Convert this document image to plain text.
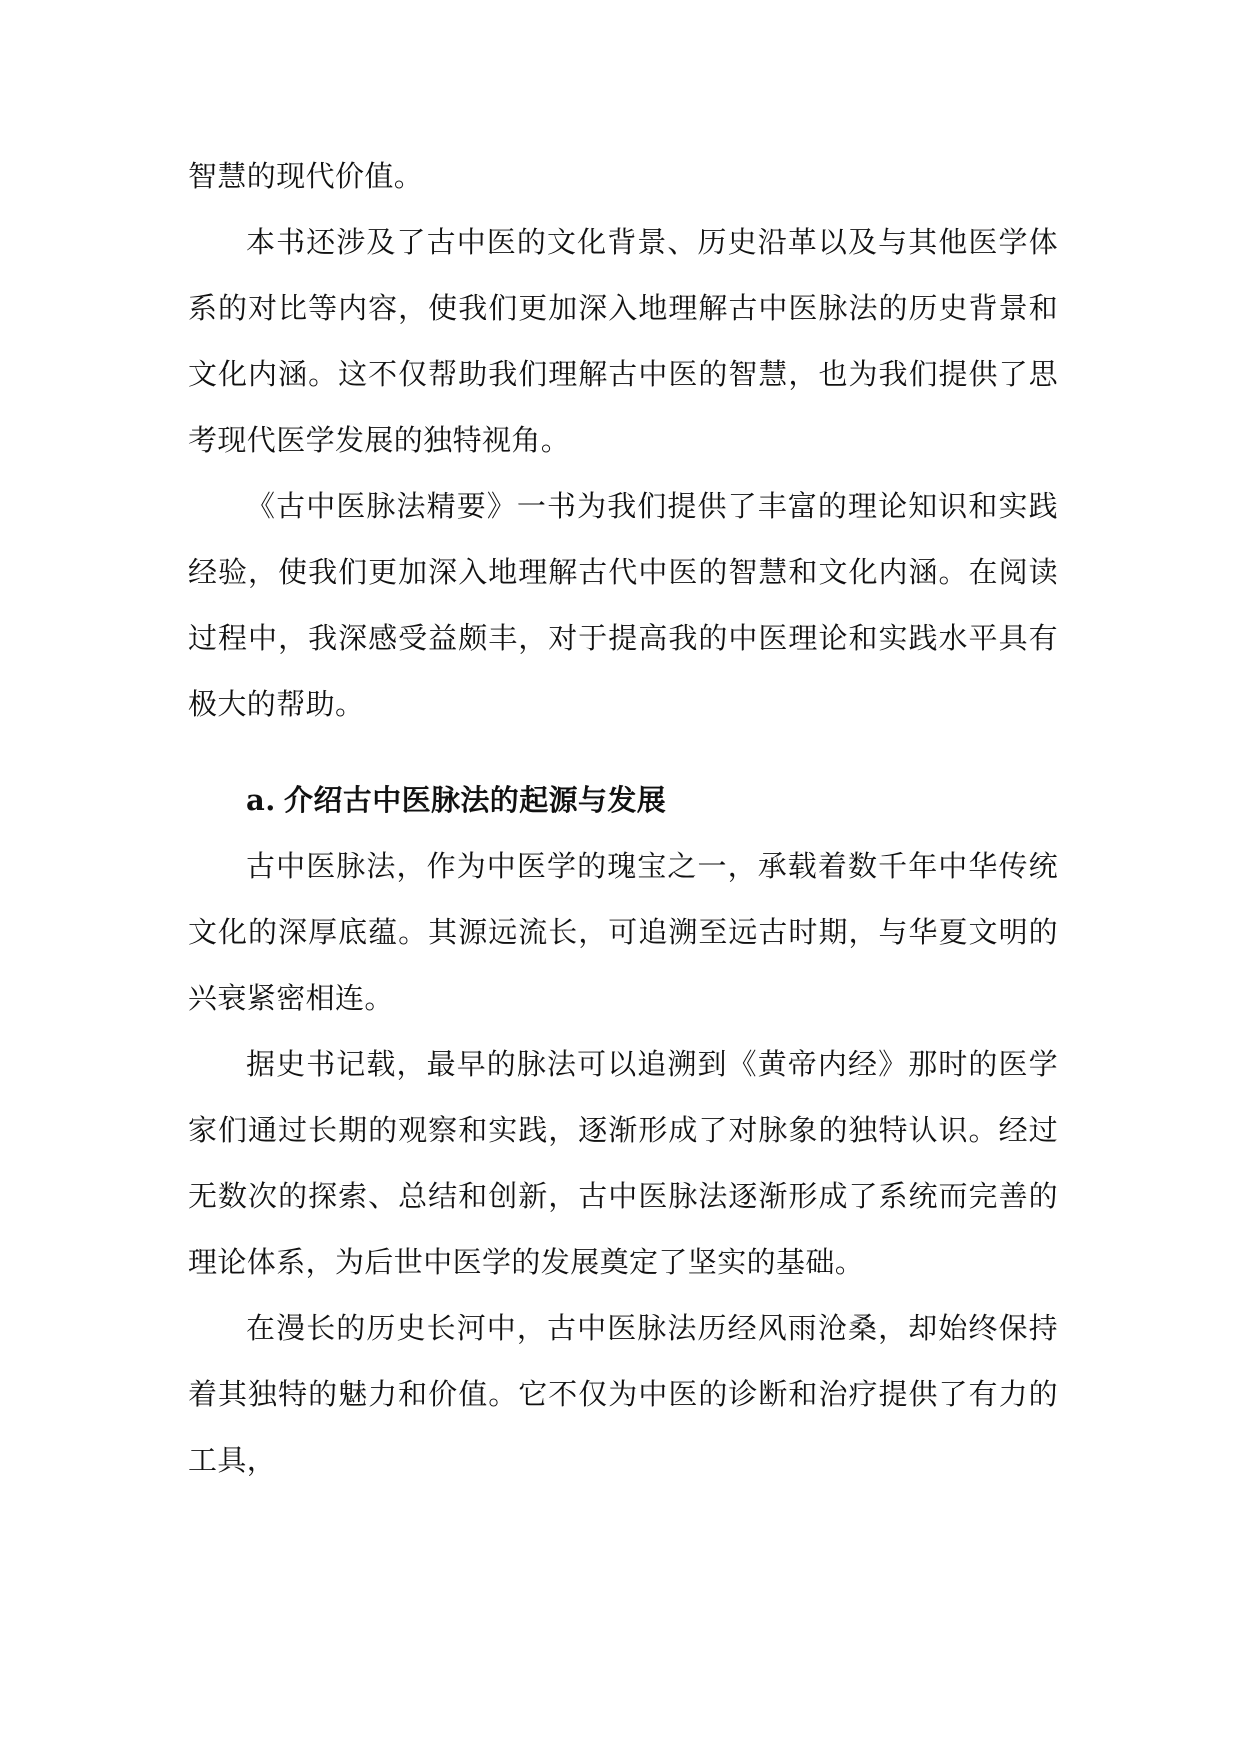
智慧的现代价值。

本书还涉及了古中医的文化背景、历史沿革以及与其他医学体系的对比等内容，使我们更加深入地理解古中医脉法的历史背景和文化内涵。这不仅帮助我们理解古中医的智慧，也为我们提供了思考现代医学发展的独特视角。

《古中医脉法精要》一书为我们提供了丰富的理论知识和实践经验，使我们更加深入地理解古代中医的智慧和文化内涵。在阅读过程中，我深感受益颇丰，对于提高我的中医理论和实践水平具有极大的帮助。

a. 介绍古中医脉法的起源与发展

古中医脉法，作为中医学的瑰宝之一，承载着数千年中华传统文化的深厚底蕴。其源远流长，可追溯至远古时期，与华夏文明的兴衰紧密相连。

据史书记载，最早的脉法可以追溯到《黄帝内经》那时的医学家们通过长期的观察和实践，逐渐形成了对脉象的独特认识。经过无数次的探索、总结和创新，古中医脉法逐渐形成了系统而完善的理论体系，为后世中医学的发展奠定了坚实的基础。

在漫长的历史长河中，古中医脉法历经风雨沧桑，却始终保持着其独特的魅力和价值。它不仅为中医的诊断和治疗提供了有力的工具，
